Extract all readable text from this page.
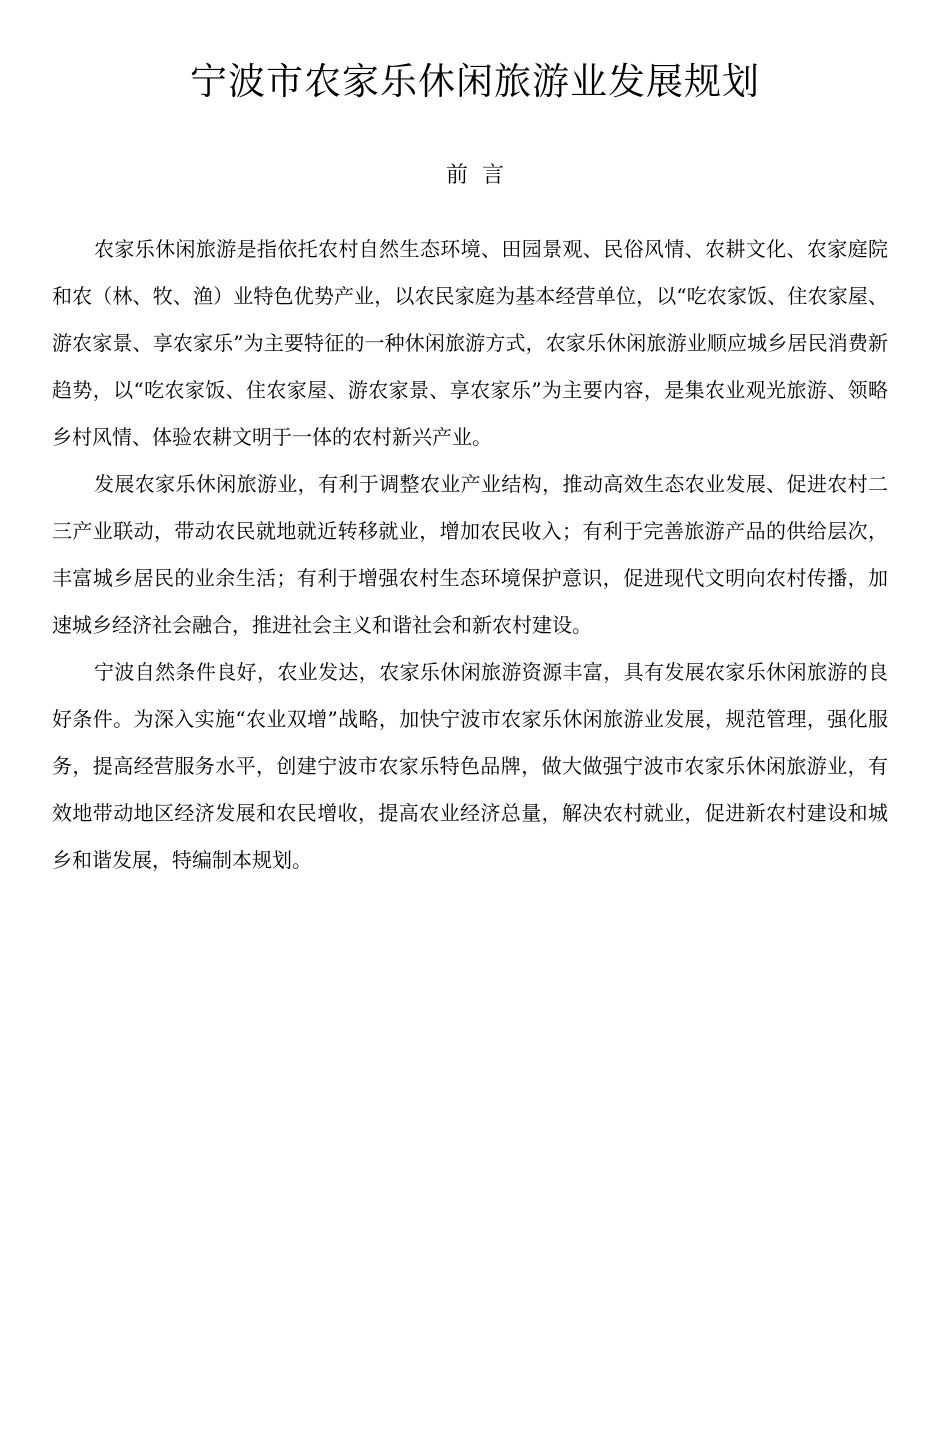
宁波市农家乐休闲旅游业发展规划
前言

农家乐休闲旅游是指依托农村自然生态环境、田园景观、民俗风情、农耕文化、农家庭院和农（林、牧、渔）业特色优势产业，以农民家庭为基本经营单位，以“吃农家饭、住农家屋、游农家景、享农家乐”为主要特征的一种休闲旅游方式，农家乐休闲旅游业顺应城乡居民消费新趋势，以“吃农家饭、住农家屋、游农家景、享农家乐”为主要内容，是集农业观光旅游、领略乡村风情、体验农耕文明于一体的农村新兴产业。

发展农家乐休闲旅游业，有利于调整农业产业结构，推动高效生态农业发展、促进农村二三产业联动，带动农民就地就近转移就业，增加农民收入；有利于完善旅游产品的供给层次，丰富城乡居民的业余生活；有利于增强农村生态环境保护意识，促进现代文明向农村传播，加速城乡经济社会融合，推进社会主义和谐社会和新农村建设。

宁波自然条件良好，农业发达，农家乐休闲旅游资源丰富，具有发展农家乐休闲旅游的良好条件。为深入实施“农业双增”战略，加快宁波市农家乐休闲旅游业发展，规范管理，强化服务，提高经营服务水平，创建宁波市农家乐特色品牌，做大做强宁波市农家乐休闲旅游业，有效地带动地区经济发展和农民增收，提高农业经济总量，解决农村就业，促进新农村建设和城乡和谐发展，特编制本规划。
